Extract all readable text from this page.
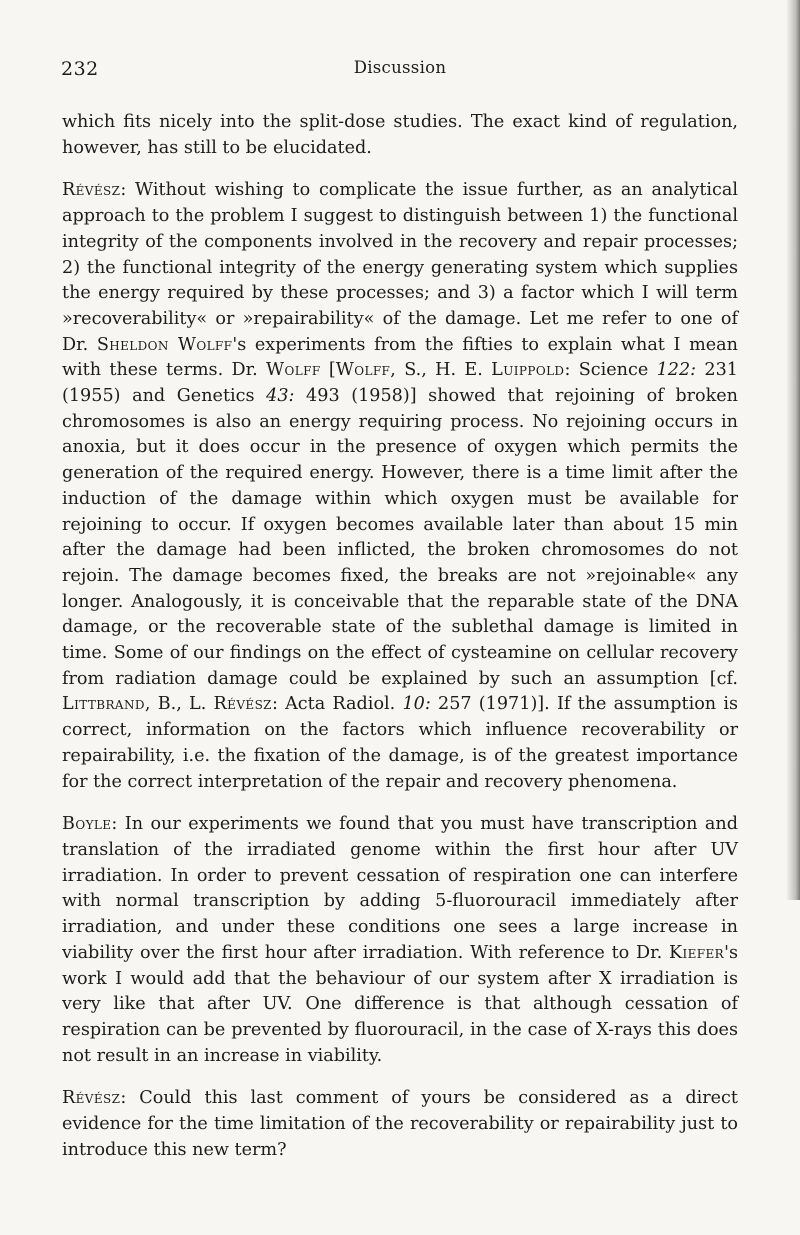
232	Discussion

which fits nicely into the split-dose studies. The exact kind of regulation, however, has still to be elucidated.

Révész: Without wishing to complicate the issue further, as an analytical approach to the problem I suggest to distinguish between 1) the functional integrity of the components involved in the recovery and repair processes; 2) the functional integrity of the energy generating system which supplies the energy required by these processes; and 3) a factor which I will term »recoverability« or »repairability« of the damage. Let me refer to one of Dr. Sheldon Wolff's experiments from the fifties to explain what I mean with these terms. Dr. Wolff [Wolff, S., H. E. Luippold: Science 122: 231 (1955) and Genetics 43: 493 (1958)] showed that rejoining of broken chromosomes is also an energy requiring process. No rejoining occurs in anoxia, but it does occur in the presence of oxygen which permits the generation of the required energy. However, there is a time limit after the induction of the damage within which oxygen must be available for rejoining to occur. If oxygen becomes available later than about 15 min after the damage had been inflicted, the broken chromosomes do not rejoin. The damage becomes fixed, the breaks are not »rejoinable« any longer. Analogously, it is conceivable that the reparable state of the DNA damage, or the recoverable state of the sublethal damage is limited in time. Some of our findings on the effect of cysteamine on cellular recovery from radiation damage could be explained by such an assumption [cf. Littbrand, B., L. Révész: Acta Radiol. 10: 257 (1971)]. If the assumption is correct, information on the factors which influence recoverability or repairability, i.e. the fixation of the damage, is of the greatest importance for the correct interpretation of the repair and recovery phenomena.

Boyle: In our experiments we found that you must have transcription and translation of the irradiated genome within the first hour after UV irradiation. In order to prevent cessation of respiration one can interfere with normal transcription by adding 5-fluorouracil immediately after irradiation, and under these conditions one sees a large increase in viability over the first hour after irradiation. With reference to Dr. Kiefer's work I would add that the behaviour of our system after X irradiation is very like that after UV. One difference is that although cessation of respiration can be prevented by fluorouracil, in the case of X-rays this does not result in an increase in viability.

Révész: Could this last comment of yours be considered as a direct evidence for the time limitation of the recoverability or repairability just to introduce this new term?
